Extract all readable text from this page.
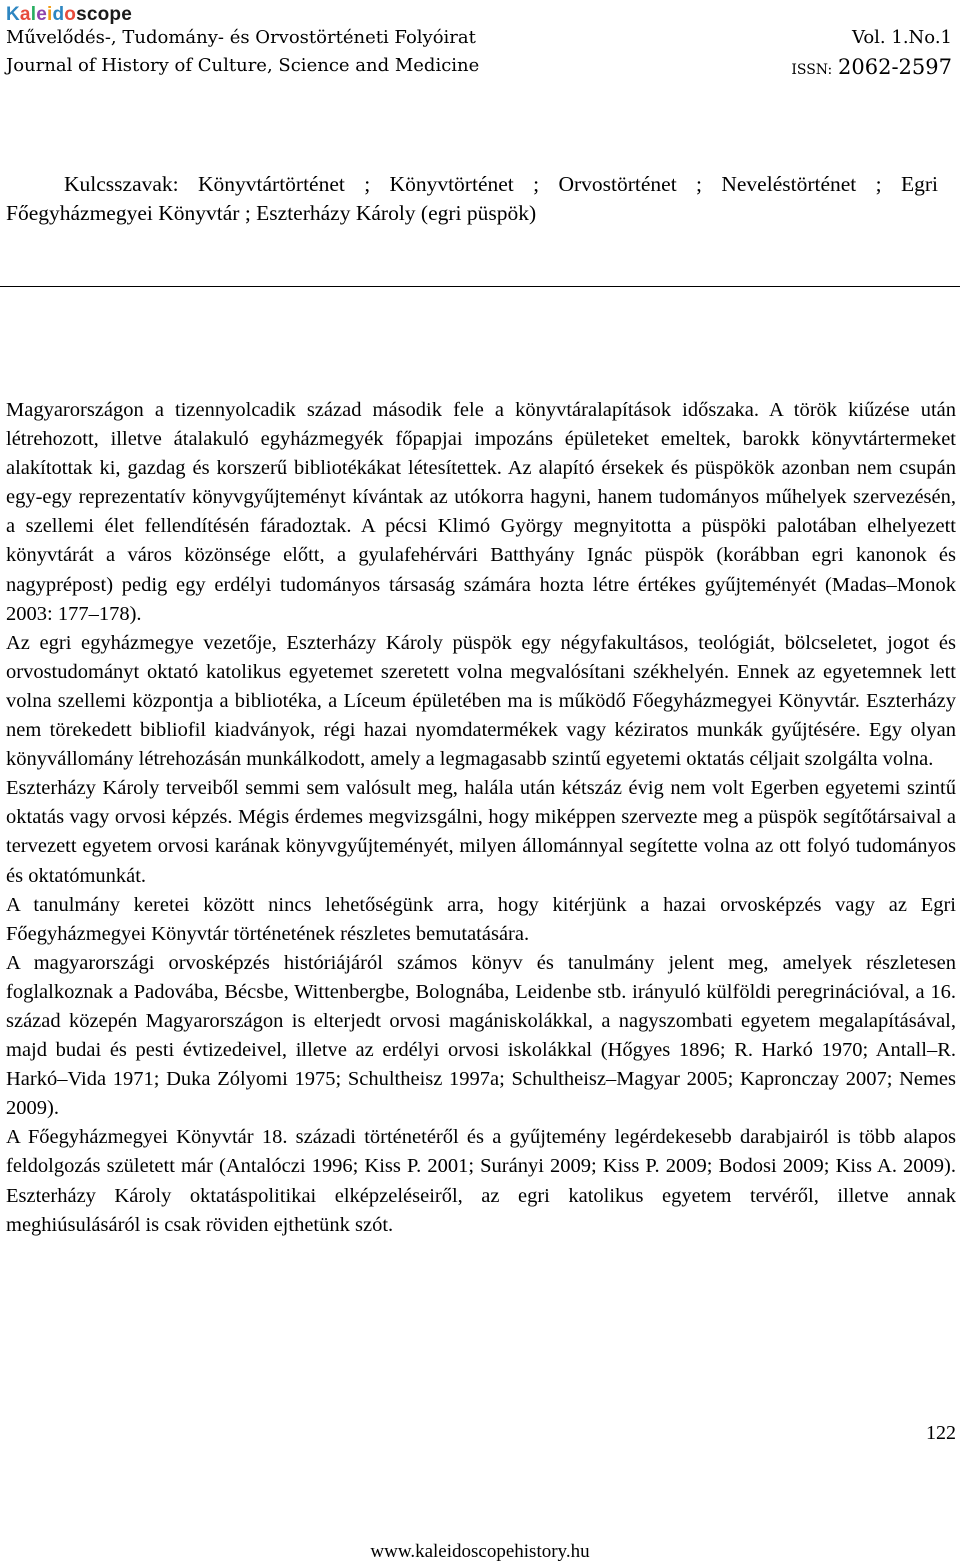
Kaleidoscope
Művelődés-, Tudomány- és Orvostörténeti Folyóirat
Journal of History of Culture, Science and Medicine
Vol. 1.No.1
ISSN: 2062-2597
Kulcsszavak: Könyvtártörténet ; Könyvtörténet ; Orvostörténet ; Neveléstörténet ; Egri Főegyházmegyei Könyvtár ; Eszterházy Károly (egri püspök)

Magyarországon a tizennyolcadik század második fele a könyvtáralapítások időszaka. A török kiűzése után létrehozott, illetve átalakuló egyházmegyék főpapjai impozáns épületeket emeltek, barokk könyvtártermeket alakítottak ki, gazdag és korszerű bibliotékákat létesítettek. Az alapító érsekek és püspökök azonban nem csupán egy-egy reprezentatív könyvgyűjteményt kívántak az utókorra hagyni, hanem tudományos műhelyek szervezésén, a szellemi élet fellendítésén fáradoztak. A pécsi Klimó György megnyitotta a püspöki palotában elhelyezett könyvtárát a város közönsége előtt, a gyulafehérvári Batthyány Ignác püspök (korábban egri kanonok és nagyprépost) pedig egy erdélyi tudományos társaság számára hozta létre értékes gyűjteményét (Madas–Monok 2003: 177–178).

Az egri egyházmegye vezetője, Eszterházy Károly püspök egy négyfakultásos, teológiát, bölcseletet, jogot és orvostudományt oktató katolikus egyetemet szeretett volna megvalósítani székhelyén. Ennek az egyetemnek lett volna szellemi központja a bibliotéka, a Líceum épületében ma is működő Főegyházmegyei Könyvtár. Eszterházy nem törekedett bibliofil kiadványok, régi hazai nyomdatermékek vagy kéziratos munkák gyűjtésére. Egy olyan könyvállomány létrehozásán munkálkodott, amely a legmagasabb szintű egyetemi oktatás céljait szolgálta volna.

Eszterházy Károly terveiből semmi sem valósult meg, halála után kétszáz évig nem volt Egerben egyetemi szintű oktatás vagy orvosi képzés. Mégis érdemes megvizsgálni, hogy miképpen szervezte meg a püspök segítőtársaival a tervezett egyetem orvosi karának könyvgyűjteményét, milyen állománnyal segítette volna az ott folyó tudományos és oktatómunkát.

A tanulmány keretei között nincs lehetőségünk arra, hogy kitérjünk a hazai orvosképzés vagy az Egri Főegyházmegyei Könyvtár történetének részletes bemutatására.

A magyarországi orvosképzés históriájáról számos könyv és tanulmány jelent meg, amelyek részletesen foglalkoznak a Padovába, Bécsbe, Wittenbergbe, Bolognába, Leidenbe stb. irányuló külföldi peregrinációval, a 16. század közepén Magyarországon is elterjedt orvosi magániskolákkal, a nagyszombati egyetem megalapításával, majd budai és pesti évtizedeivel, illetve az erdélyi orvosi iskolákkal (Hőgyes 1896; R. Harkó 1970; Antall–R. Harkó–Vida 1971; Duka Zólyomi 1975; Schultheisz 1997a; Schultheisz–Magyar 2005; Kapronczay 2007; Nemes 2009).

A Főegyházmegyei Könyvtár 18. századi történetéről és a gyűjtemény legérdekesebb darabjairól is több alapos feldolgozás született már (Antalóczi 1996; Kiss P. 2001; Surányi 2009; Kiss P. 2009; Bodosi 2009; Kiss A. 2009). Eszterházy Károly oktatáspolitikai elképzeléseiről, az egri katolikus egyetem tervéről, illetve annak meghiúsulásáról is csak röviden ejthetünk szót.

122
www.kaleidoscopehistory.hu
